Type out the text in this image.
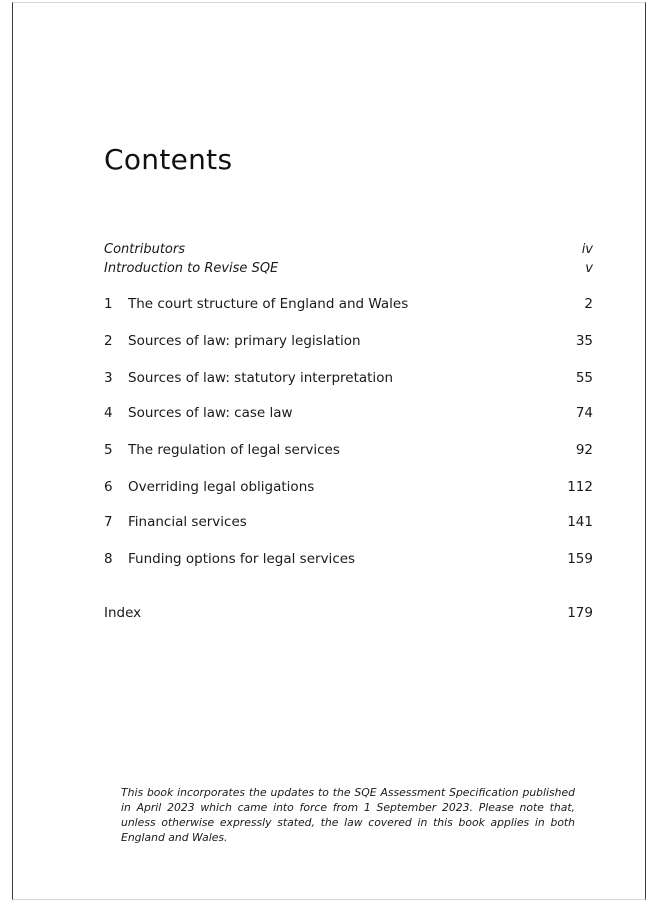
Contents
Contributors	iv
Introduction to Revise SQE	v
1 The court structure of England and Wales	2
2 Sources of law: primary legislation	35
3 Sources of law: statutory interpretation	55
4 Sources of law: case law	74
5 The regulation of legal services	92
6 Overriding legal obligations	112
7 Financial services	141
8 Funding options for legal services	159
Index	179

This book incorporates the updates to the SQE Assessment Specification published in April 2023 which came into force from 1 September 2023. Please note that, unless otherwise expressly stated, the law covered in this book applies in both England and Wales.
